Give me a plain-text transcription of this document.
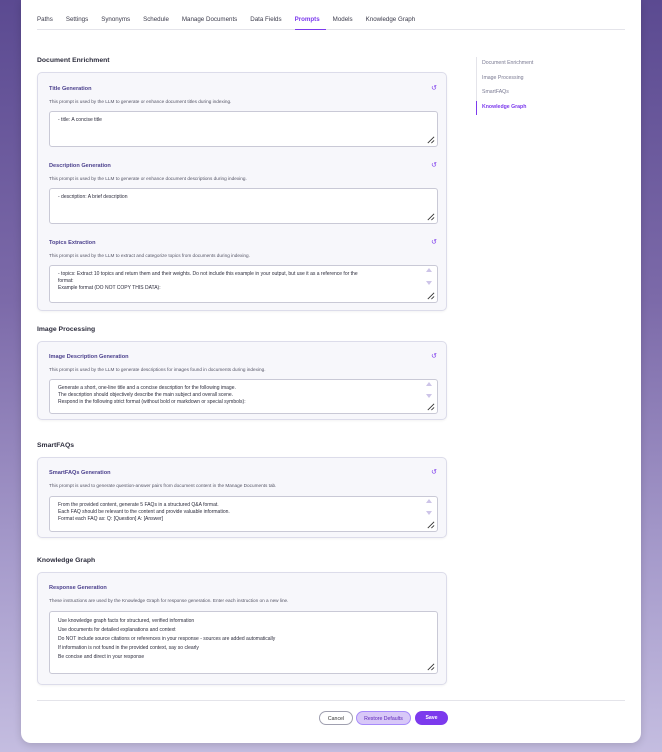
Paths	Settings	Synonyms	Schedule	Manage Documents	Data Fields	Prompts	Models	Knowledge Graph
Document Enrichment
Image Processing
SmartFAQs
Knowledge Graph
Document Enrichment
Title Generation	↺
This prompt is used by the LLM to generate or enhance document titles during indexing.
- title: A concise title
Description Generation	↺
This prompt is used by the LLM to generate or enhance document descriptions during indexing.
- description: A brief description
Topics Extraction	↺
This prompt is used by the LLM to extract and categorize topics from documents during indexing.
- topics: Extract 10 topics and return them and their weights. Do not include this example in your output, but use it as a reference for the
format:
Example format (DO NOT COPY THIS DATA):
Image Processing
Image Description Generation	↺
This prompt is used by the LLM to generate descriptions for images found in documents during indexing.
Generate a short, one-line title and a concise description for the following image.
The description should objectively describe the main subject and overall scene.
Respond in the following strict format (without bold or markdown or special symbols):
SmartFAQs
SmartFAQs Generation	↺
This prompt is used to generate question-answer pairs from document content in the Manage Documents tab.
From the provided content, generate 5 FAQs in a structured Q&A format.
Each FAQ should be relevant to the content and provide valuable information.
Format each FAQ as: Q: [Question] A: [Answer]
Knowledge Graph
Response Generation
These instructions are used by the Knowledge Graph for response generation. Enter each instruction on a new line.
Use knowledge graph facts for structured, verified information
Use documents for detailed explanations and context
Do NOT include source citations or references in your response - sources are added automatically
If information is not found in the provided context, say so clearly
Be concise and direct in your response
Cancel	Restore Defaults	Save
